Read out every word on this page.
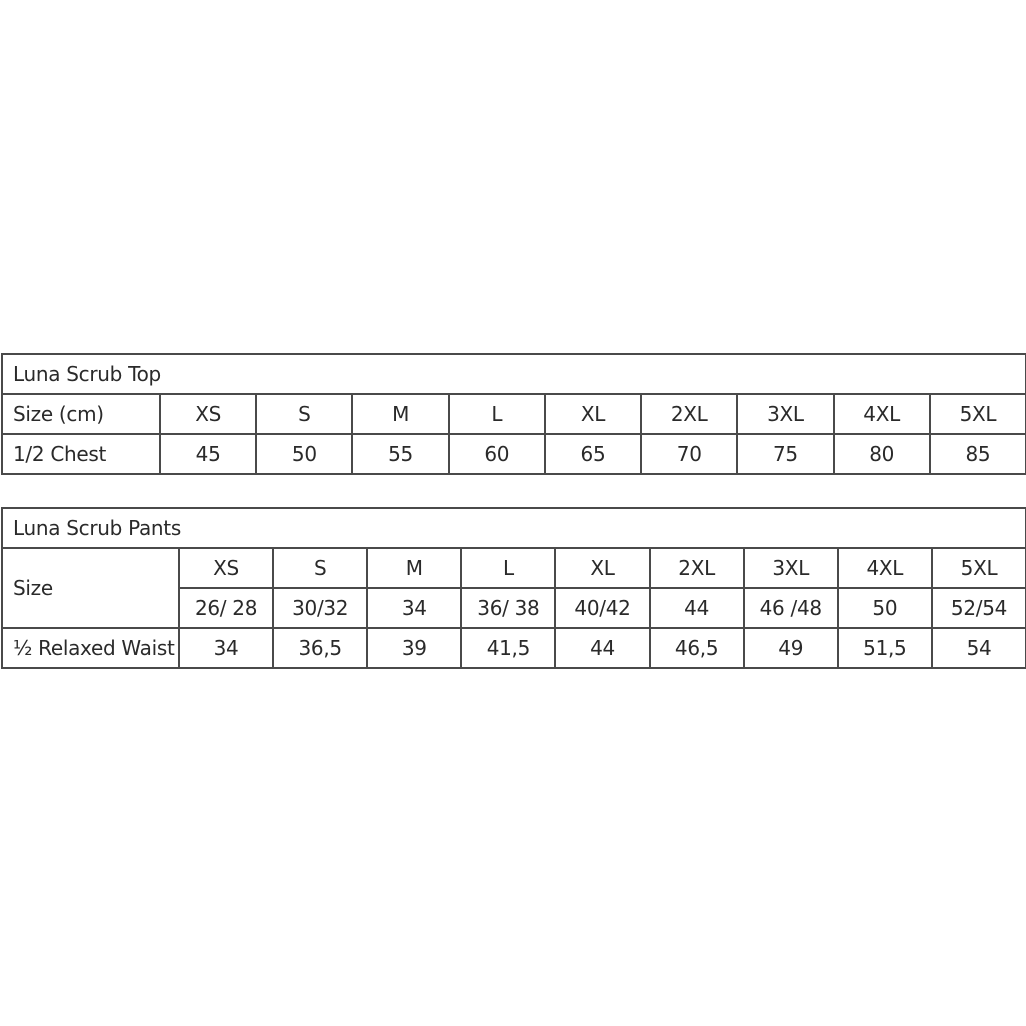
Luna Scrub Top									
Size (cm)	XS	S	M	L	XL	2XL	3XL	4XL	5XL
1/2 Chest	45	50	55	60	65	70	75	80	85
Luna Scrub Pants									
Size	XS	S	M	L	XL	2XL	3XL	4XL	5XL
	26/ 28	30/32	34	36/ 38	40/42	44	46 /48	50	52/54
½ Relaxed Waist	34	36,5	39	41,5	44	46,5	49	51,5	54
